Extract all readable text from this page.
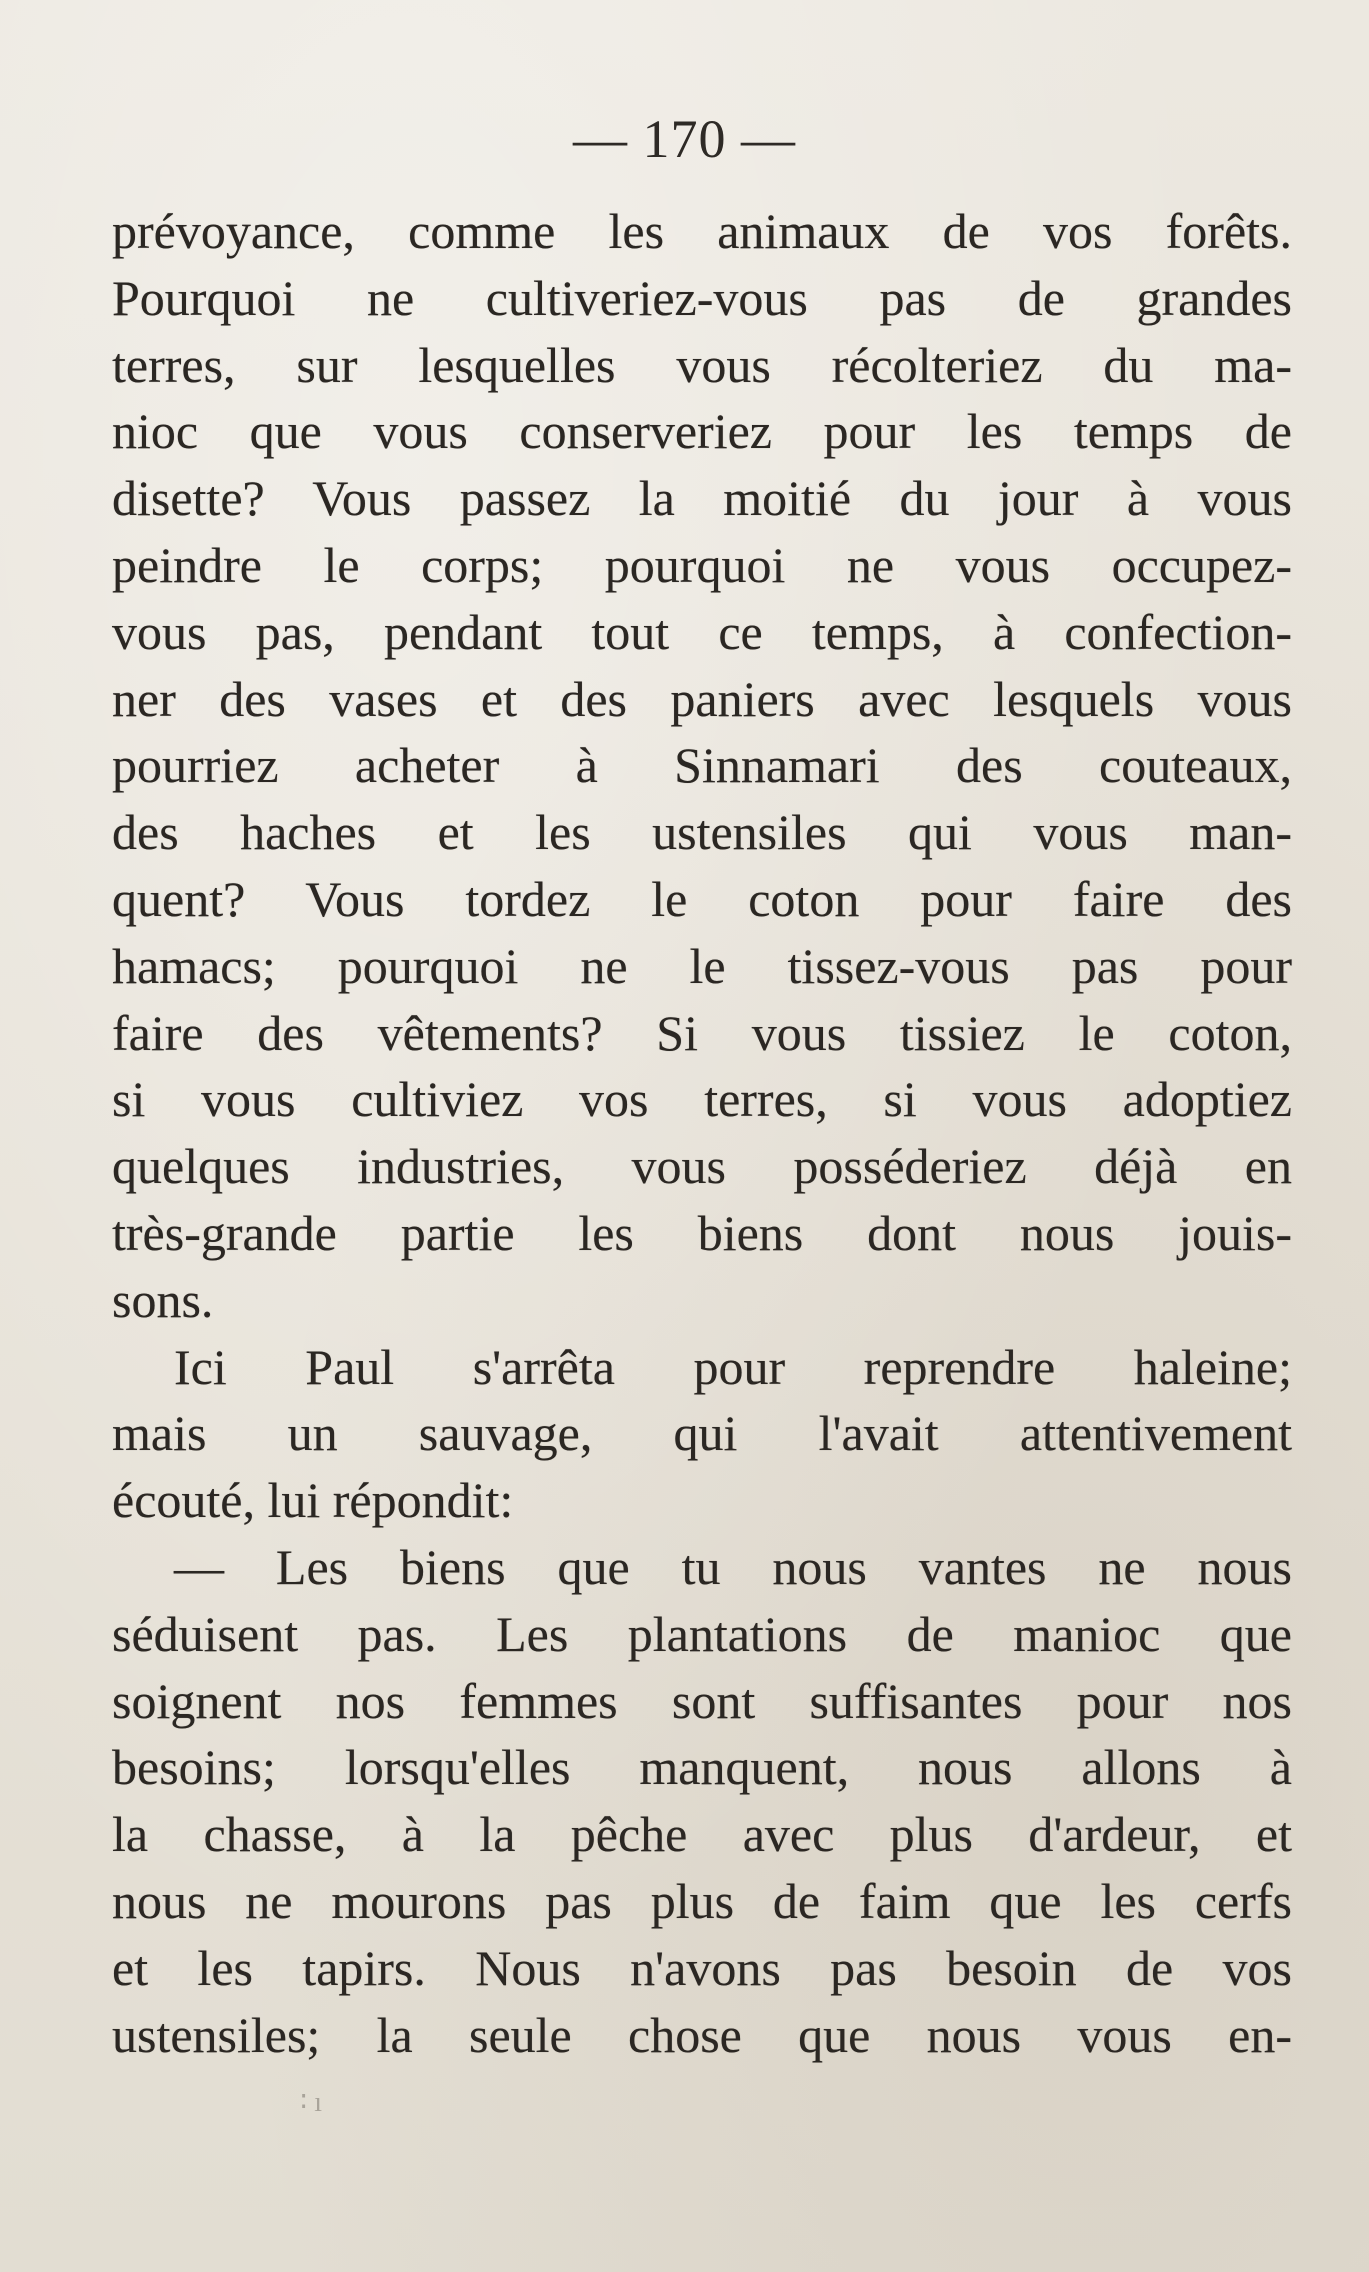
— 170 —
prévoyance, comme les animaux de vos forêts.
Pourquoi ne cultiveriez-vous pas de grandes
terres, sur lesquelles vous récolteriez du ma-
nioc que vous conserveriez pour les temps de
disette? Vous passez la moitié du jour à vous
peindre le corps; pourquoi ne vous occupez-
vous pas, pendant tout ce temps, à confection-
ner des vases et des paniers avec lesquels vous
pourriez acheter à Sinnamari des couteaux,
des haches et les ustensiles qui vous man-
quent? Vous tordez le coton pour faire des
hamacs; pourquoi ne le tissez-vous pas pour
faire des vêtements? Si vous tissiez le coton,
si vous cultiviez vos terres, si vous adoptiez
quelques industries, vous posséderiez déjà en
très-grande partie les biens dont nous jouis-
sons.
Ici Paul s'arrêta pour reprendre haleine;
mais un sauvage, qui l'avait attentivement
écouté, lui répondit:
— Les biens que tu nous vantes ne nous
séduisent pas. Les plantations de manioc que
soignent nos femmes sont suffisantes pour nos
besoins; lorsqu'elles manquent, nous allons à
la chasse, à la pêche avec plus d'ardeur, et
nous ne mourons pas plus de faim que les cerfs
et les tapirs. Nous n'avons pas besoin de vos
ustensiles; la seule chose que nous vous en-
∶ ı
